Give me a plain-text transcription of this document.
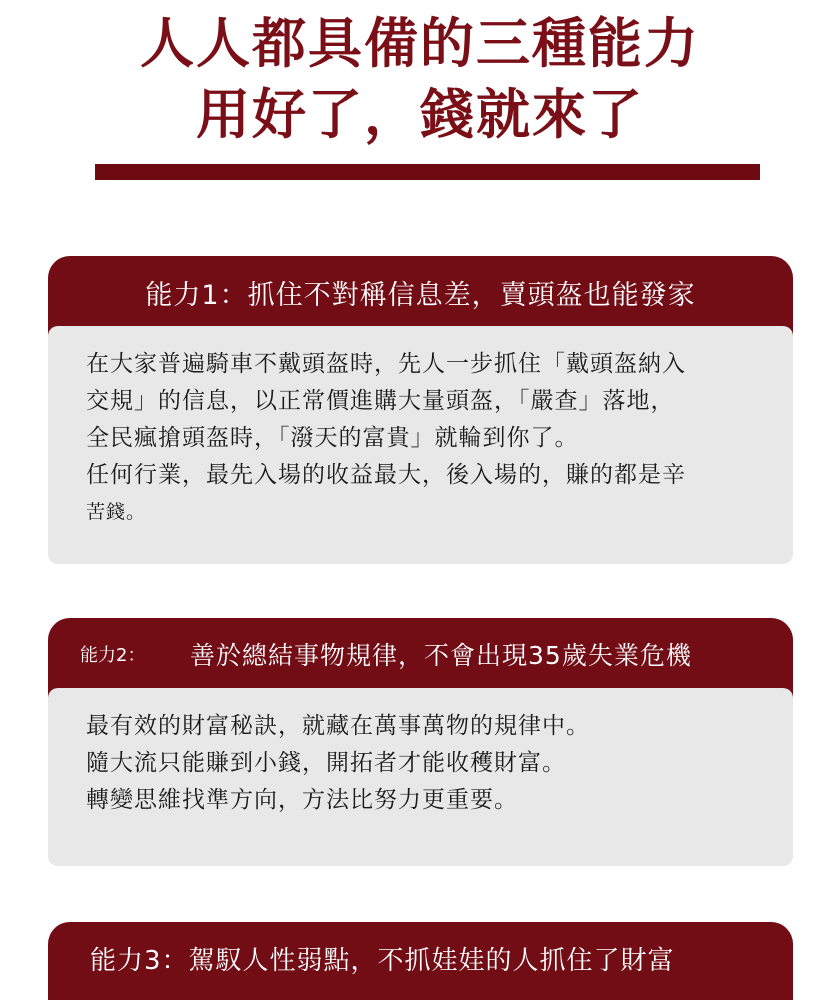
人人都具備的三種能力
用好了，錢就來了
能力1：抓住不對稱信息差，賣頭盔也能發家

在大家普遍騎車不戴頭盔時，先人一步抓住「戴頭盔納入
交規」的信息，以正常價進購大量頭盔，「嚴查」落地，
全民瘋搶頭盔時，「潑天的富貴」就輪到你了。

任何行業，最先入場的收益最大，後入場的，賺的都是辛

苦錢。

能力2：	善於總結事物規律，不會出現35歲失業危機

最有效的財富秘訣，就藏在萬事萬物的規律中。

隨大流只能賺到小錢，開拓者才能收穫財富。

轉變思維找準方向，方法比努力更重要。

能力3：駕馭人性弱點，不抓娃娃的人抓住了財富
